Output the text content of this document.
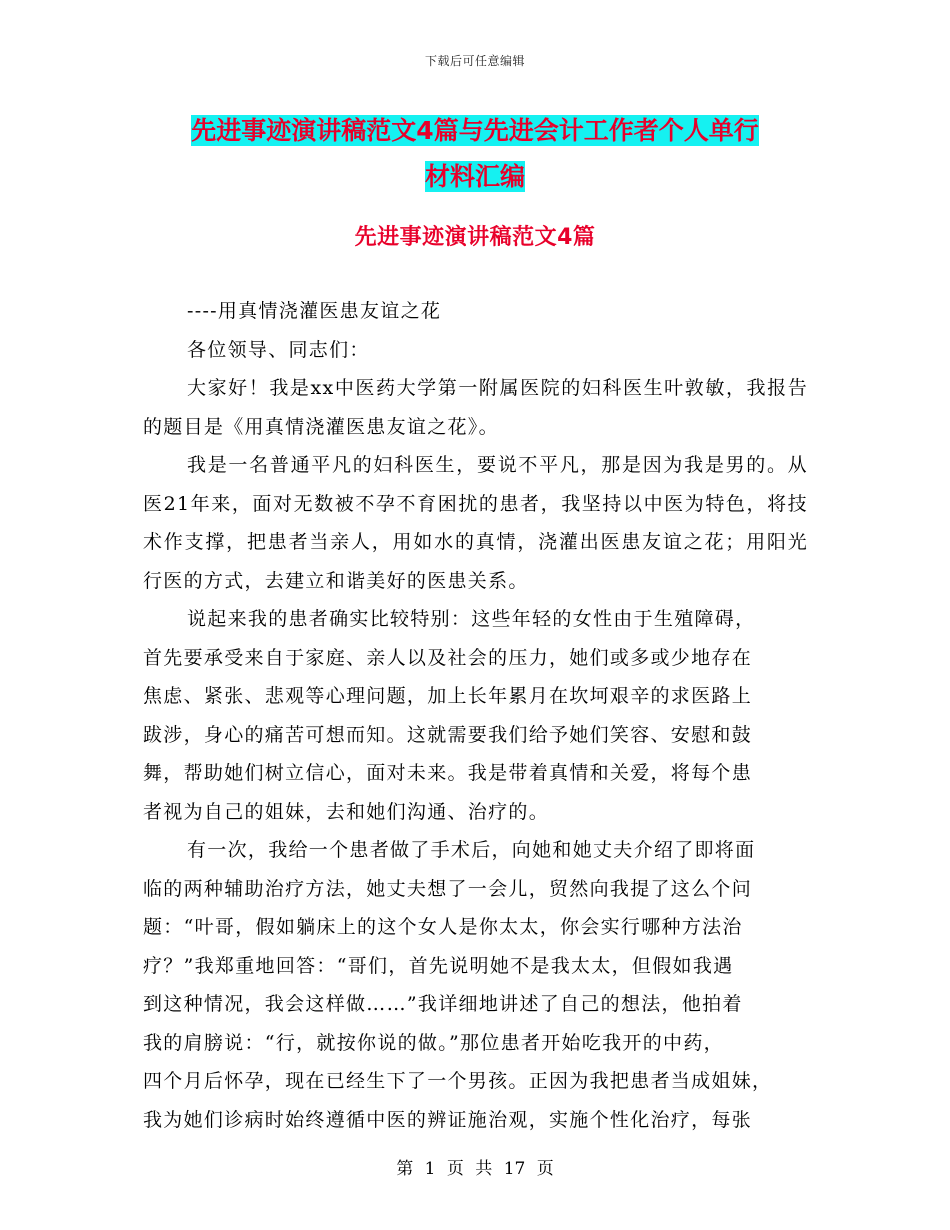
下载后可任意编辑
先进事迹演讲稿范文4篇与先进会计工作者个人单行
材料汇编
先进事迹演讲稿范文4篇

----用真情浇灌医患友谊之花

各位领导、同志们：

大家好！我是xx中医药大学第一附属医院的妇科医生叶敦敏，我报告的题目是《用真情浇灌医患友谊之花》。

我是一名普通平凡的妇科医生，要说不平凡，那是因为我是男的。从医21年来，面对无数被不孕不育困扰的患者，我坚持以中医为特色，将技术作支撑，把患者当亲人，用如水的真情，浇灌出医患友谊之花；用阳光行医的方式，去建立和谐美好的医患关系。

说起来我的患者确实比较特别：这些年轻的女性由于生殖障碍，
首先要承受来自于家庭、亲人以及社会的压力，她们或多或少地存在
焦虑、紧张、悲观等心理问题，加上长年累月在坎坷艰辛的求医路上
跋涉，身心的痛苦可想而知。这就需要我们给予她们笑容、安慰和鼓
舞，帮助她们树立信心，面对未来。我是带着真情和关爱，将每个患
者视为自己的姐妹，去和她们沟通、治疗的。

有一次，我给一个患者做了手术后，向她和她丈夫介绍了即将面
临的两种辅助治疗方法，她丈夫想了一会儿，贸然向我提了这么个问
题：“叶哥，假如躺床上的这个女人是你太太，你会实行哪种方法治
疗？”我郑重地回答：“哥们，首先说明她不是我太太，但假如我遇
到这种情况，我会这样做……”我详细地讲述了自己的想法，他拍着
我的肩膀说：“行，就按你说的做。”那位患者开始吃我开的中药，
四个月后怀孕，现在已经生下了一个男孩。正因为我把患者当成姐妹，
我为她们诊病时始终遵循中医的辨证施治观，实施个性化治疗，每张

第 1 页 共 17 页
